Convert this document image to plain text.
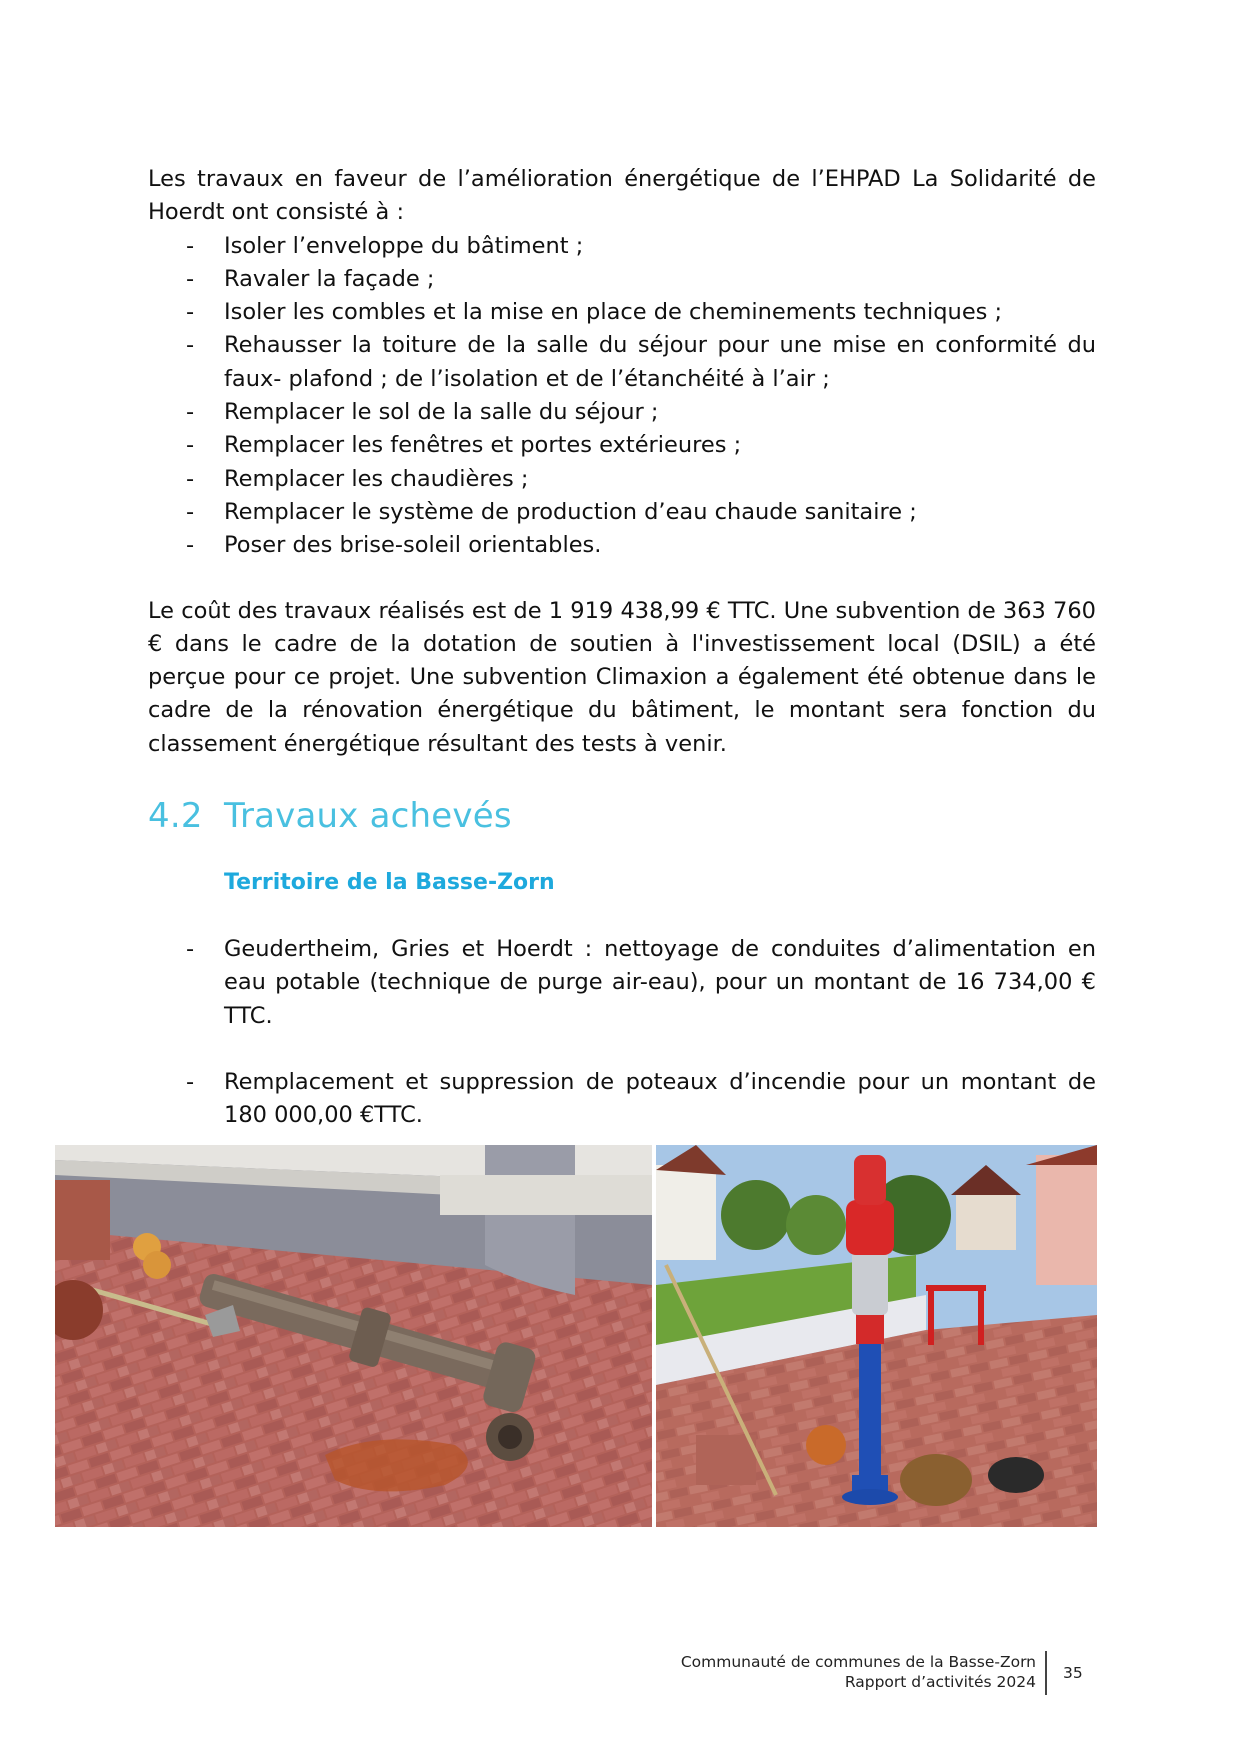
Les travaux en faveur de l’amélioration énergétique de l’EHPAD La Solidarité de Hoerdt ont consisté à :

- Isoler l’enveloppe du bâtiment ;
- Ravaler la façade ;
- Isoler les combles et la mise en place de cheminements techniques ;
- Rehausser la toiture de la salle du séjour pour une mise en conformité du faux- plafond ; de l’isolation et de l’étanchéité à l’air ;
- Remplacer le sol de la salle du séjour ;
- Remplacer les fenêtres et portes extérieures ;
- Remplacer les chaudières ;
- Remplacer le système de production d’eau chaude sanitaire ;
- Poser des brise-soleil orientables.

Le coût des travaux réalisés est de 1 919 438,99 € TTC. Une subvention de 363 760 € dans le cadre de la dotation de soutien à l'investissement local (DSIL) a été perçue pour ce projet. Une subvention Climaxion a également été obtenue dans le cadre de la rénovation énergétique du bâtiment, le montant sera fonction du classement énergétique résultant des tests à venir.

4.2 Travaux achevés

Territoire de la Basse-Zorn

- Geudertheim, Gries et Hoerdt : nettoyage de conduites d’alimentation en eau potable (technique de purge air-eau), pour un montant de 16 734,00 € TTC.
- Remplacement et suppression de poteaux d’incendie pour un montant de 180 000,00 €TTC.
Communauté de communes de la Basse-Zorn
Rapport d’activités 2024 35
